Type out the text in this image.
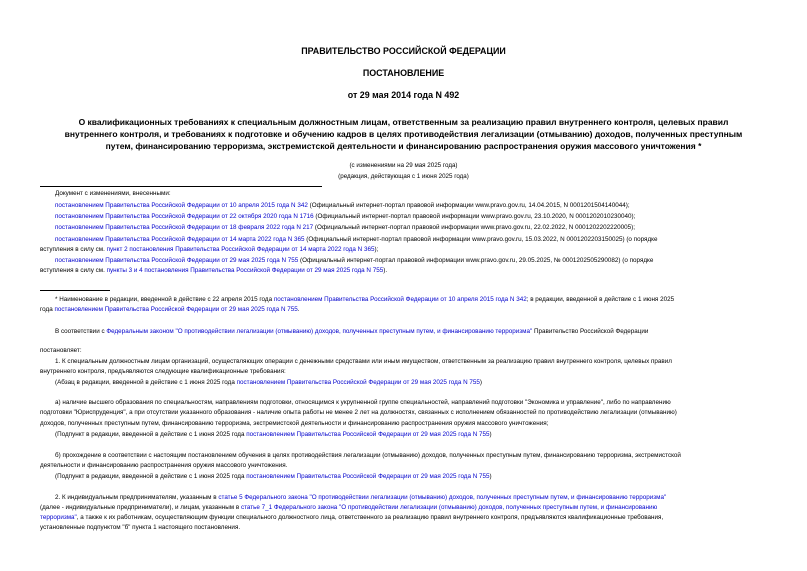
ПРАВИТЕЛЬСТВО РОССИЙСКОЙ ФЕДЕРАЦИИ
ПОСТАНОВЛЕНИЕ
от 29 мая 2014 года N 492
О квалификационных требованиях к специальным должностным лицам, ответственным за реализацию правил внутреннего контроля, целевых правил
внутреннего контроля, и требованиях к подготовке и обучению кадров в целях противодействия легализации (отмыванию) доходов, полученных преступным
путем, финансированию терроризма, экстремистской деятельности и финансированию распространения оружия массового уничтожения *
(с изменениями на 29 мая 2025 года)
(редакция, действующая с 1 июня 2025 года)
Документ с изменениями, внесенными:
постановлением Правительства Российской Федерации от 10 апреля 2015 года N 342 (Официальный интернет-портал правовой информации www.pravo.gov.ru, 14.04.2015, N 0001201504140044);
постановлением Правительства Российской Федерации от 22 октября 2020 года N 1716 (Официальный интернет-портал правовой информации www.pravo.gov.ru, 23.10.2020, N 0001202010230040);
постановлением Правительства Российской Федерации от 18 февраля 2022 года N 217 (Официальный интернет-портал правовой информации www.pravo.gov.ru, 22.02.2022, N 0001202202220005);
постановлением Правительства Российской Федерации от 14 марта 2022 года N 365 (Официальный интернет-портал правовой информации www.pravo.gov.ru, 15.03.2022, N 0001202203150025) (о порядке
вступления в силу см. пункт 2 постановления Правительства Российской Федерации от 14 марта 2022 года N 365);
постановлением Правительства Российской Федерации от 29 мая 2025 года N 755 (Официальный интернет-портал правовой информации www.pravo.gov.ru, 29.05.2025, № 0001202505290082) (о порядке
вступления в силу см. пункты 3 и 4 постановления Правительства Российской Федерации от 29 мая 2025 года N 755).
* Наименование в редакции, введенной в действие с 22 апреля 2015 года постановлением Правительства Российской Федерации от 10 апреля 2015 года N 342; в редакции, введенной в действие с 1 июня 2025
года постановлением Правительства Российской Федерации от 29 мая 2025 года N 755.
В соответствии с Федеральным законом "О противодействии легализации (отмыванию) доходов, полученных преступным путем, и финансированию терроризма" Правительство Российской Федерации
постановляет:
1. К специальным должностным лицам организаций, осуществляющих операции с денежными средствами или иным имуществом, ответственным за реализацию правил внутреннего контроля, целевых правил
внутреннего контроля, предъявляются следующие квалификационные требования:
(Абзац в редакции, введенной в действие с 1 июня 2025 года постановлением Правительства Российской Федерации от 29 мая 2025 года N 755)
а) наличие высшего образования по специальностям, направлениям подготовки, относящимся к укрупненной группе специальностей, направлений подготовки "Экономика и управление", либо по направлению
подготовки "Юриспруденция", а при отсутствии указанного образования - наличие опыта работы не менее 2 лет на должностях, связанных с исполнением обязанностей по противодействию легализации (отмыванию)
доходов, полученных преступным путем, финансированию терроризма, экстремистской деятельности и финансированию распространения оружия массового уничтожения;
(Подпункт в редакции, введенной в действие с 1 июня 2025 года постановлением Правительства Российской Федерации от 29 мая 2025 года N 755)
б) прохождение в соответствии с настоящим постановлением обучения в целях противодействия легализации (отмыванию) доходов, полученных преступным путем, финансированию терроризма, экстремистской
деятельности и финансированию распространения оружия массового уничтожения.
(Подпункт в редакции, введенной в действие с 1 июня 2025 года постановлением Правительства Российской Федерации от 29 мая 2025 года N 755)
2. К индивидуальным предпринимателям, указанным в статье 5 Федерального закона "О противодействии легализации (отмыванию) доходов, полученных преступным путем, и финансированию терроризма"
(далее - индивидуальные предприниматели), и лицам, указанным в статье 7_1 Федерального закона "О противодействии легализации (отмыванию) доходов, полученных преступным путем, и финансированию
терроризма", а также к их работникам, осуществляющим функции специального должностного лица, ответственного за реализацию правил внутреннего контроля, предъявляются квалификационные требования,
установленные подпунктом "б" пункта 1 настоящего постановления.
